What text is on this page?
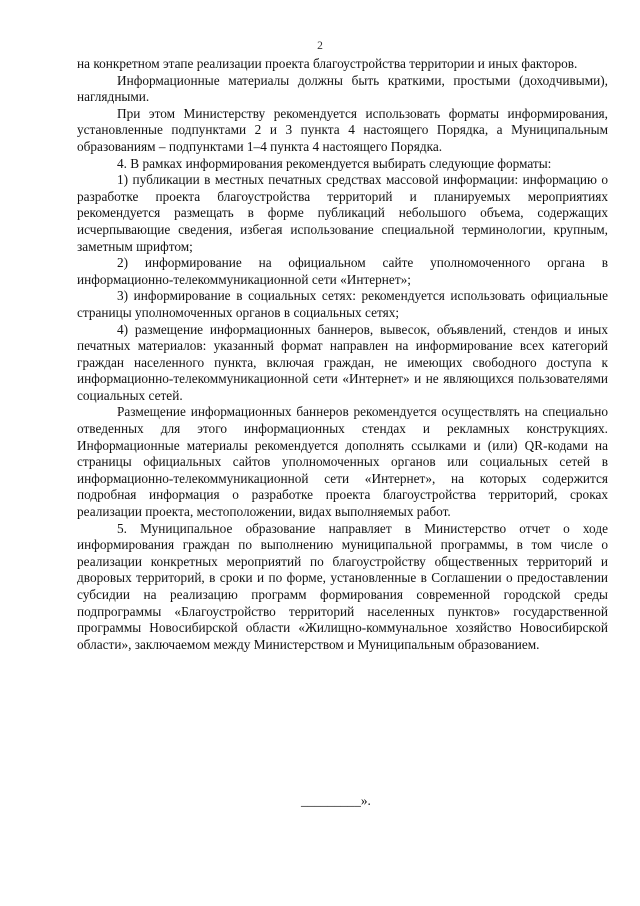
2

на конкретном этапе реализации проекта благоустройства территории и иных факторов.

Информационные материалы должны быть краткими, простыми (доходчивыми), наглядными.

При этом Министерству рекомендуется использовать форматы информирования, установленные подпунктами 2 и 3 пункта 4 настоящего Порядка, а Муниципальным образованиям – подпунктами 1–4 пункта 4 настоящего Порядка.

4. В рамках информирования рекомендуется выбирать следующие форматы:

1) публикации в местных печатных средствах массовой информации: информацию о разработке проекта благоустройства территорий и планируемых мероприятиях рекомендуется размещать в форме публикаций небольшого объема, содержащих исчерпывающие сведения, избегая использование специальной терминологии, крупным, заметным шрифтом;

2) информирование на официальном сайте уполномоченного органа в информационно-телекоммуникационной сети «Интернет»;

3) информирование в социальных сетях: рекомендуется использовать официальные страницы уполномоченных органов в социальных сетях;

4) размещение информационных баннеров, вывесок, объявлений, стендов и иных печатных материалов: указанный формат направлен на информирование всех категорий граждан населенного пункта, включая граждан, не имеющих свободного доступа к информационно-телекоммуникационной сети «Интернет» и не являющихся пользователями социальных сетей.

Размещение информационных баннеров рекомендуется осуществлять на специально отведенных для этого информационных стендах и рекламных конструкциях. Информационные материалы рекомендуется дополнять ссылками и (или) QR-кодами на страницы официальных сайтов уполномоченных органов или социальных сетей в информационно-телекоммуникационной сети «Интернет», на которых содержится подробная информация о разработке проекта благоустройства территорий, сроках реализации проекта, местоположении, видах выполняемых работ.

5. Муниципальное образование направляет в Министерство отчет о ходе информирования граждан по выполнению муниципальной программы, в том числе о реализации конкретных мероприятий по благоустройству общественных территорий и дворовых территорий, в сроки и по форме, установленные в Соглашении о предоставлении субсидии на реализацию программ формирования современной городской среды подпрограммы «Благоустройство территорий населенных пунктов» государственной программы Новосибирской области «Жилищно-коммунальное хозяйство Новосибирской области», заключаемом между Министерством и Муниципальным образованием.

_________».
